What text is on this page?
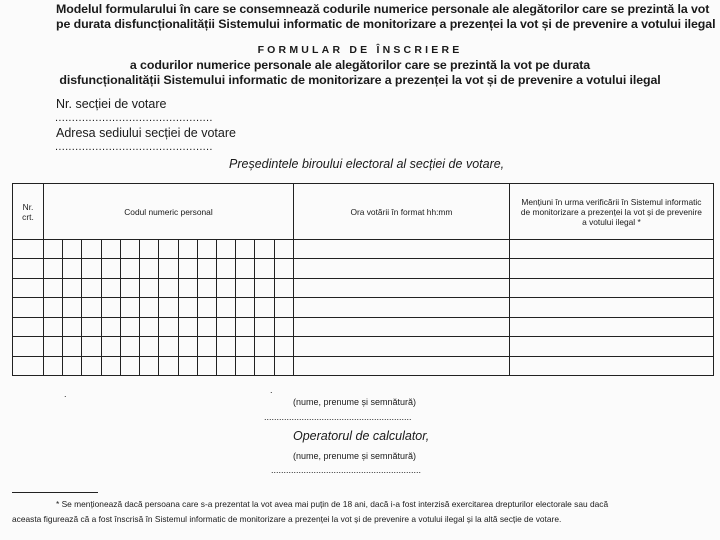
Modelul formularului în care se consemnează codurile numerice personale ale alegătorilor care se prezintă la vot
pe durata disfuncționalității Sistemului informatic de monitorizare a prezenței la vot și de prevenire a votului ilegal
FORMULAR DE ÎNSCRIERE
a codurilor numerice personale ale alegătorilor care se prezintă la vot pe durata
disfuncționalității Sistemului informatic de monitorizare a prezenței la vot și de prevenire a votului ilegal
Nr. secției de votare
...............................................
Adresa sediului secției de votare
...............................................
Președintele biroului electoral al secției de votare,
Nr. crt.	Codul numeric personal													Ora votării în format hh:mm	Mențiuni în urma verificării în Sistemul informatic de monitorizare a prezenței la vot și de prevenire a votului ilegal *

.
.
(nume, prenume și semnătură)
...........................................................
Operatorul de calculator,
(nume, prenume și semnătură)
............................................................
* Se menționează dacă persoana care s-a prezentat la vot avea mai puțin de 18 ani, dacă i-a fost interzisă exercitarea drepturilor electorale sau dacă
aceasta figurează că a fost înscrisă în Sistemul informatic de monitorizare a prezenței la vot și de prevenire a votului ilegal și la altă secție de votare.
